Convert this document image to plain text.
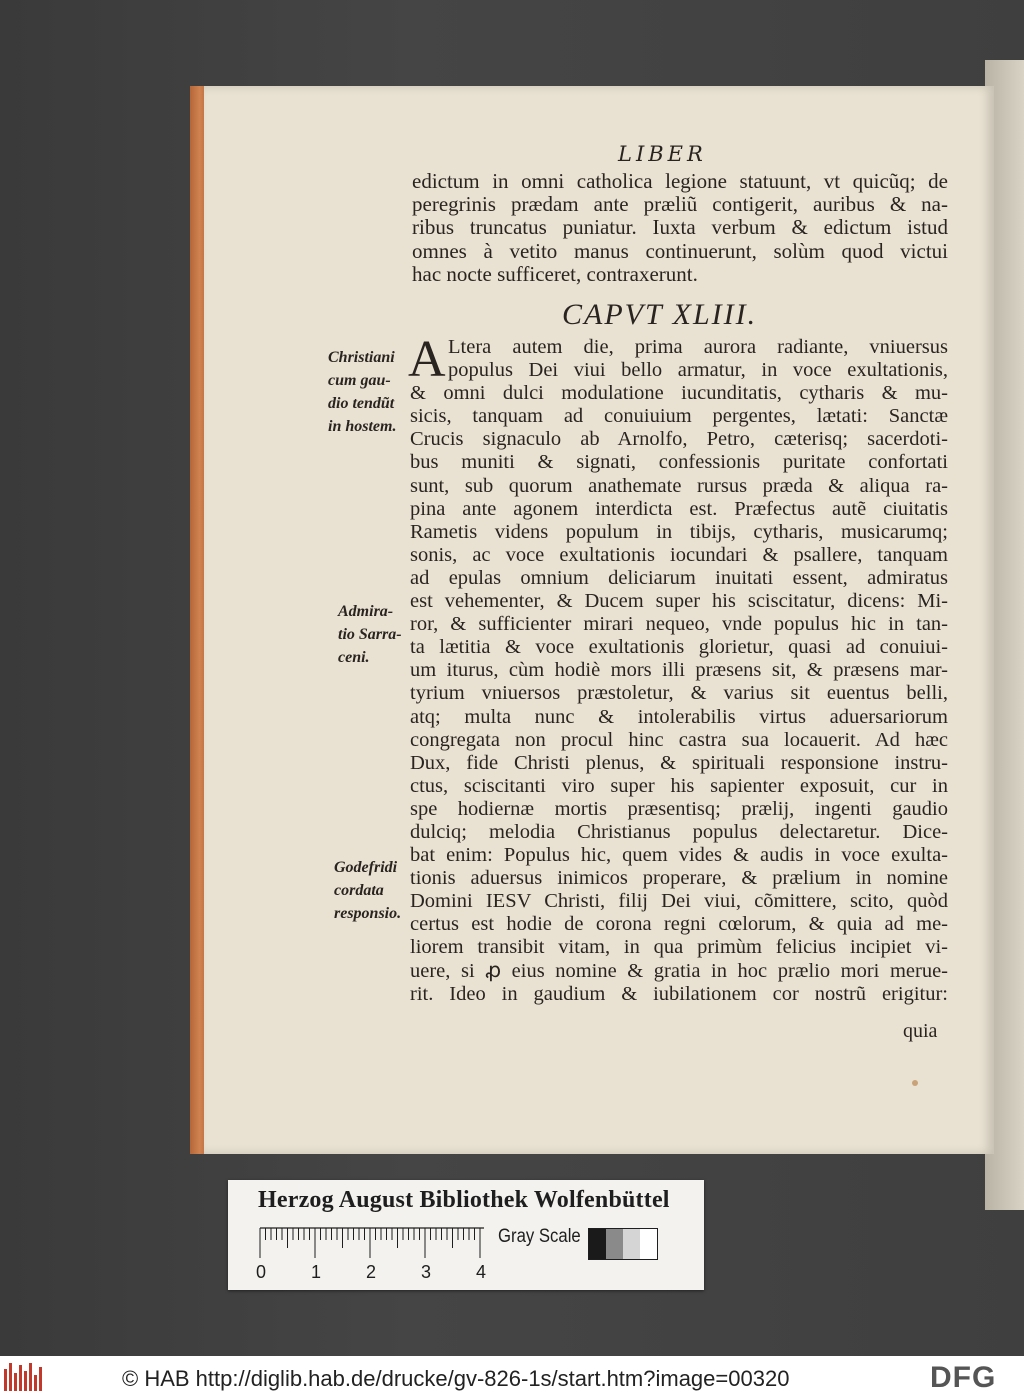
LIBER
edictum in omni catholica legione statuunt, vt quicũq; de
peregrinis prædam ante præliũ contigerit, auribus & na-
ribus truncatus puniatur. Iuxta verbum & edictum istud
omnes à vetito manus continuerunt, solùm quod victui
hac nocte sufficeret, contraxerunt.
CAPVT XLIII.
A Ltera autem die, prima aurora radiante, vniuersus
populus Dei viui bello armatur, in voce exultationis,
& omni dulci modulatione iucunditatis, cytharis & mu-
sicis, tanquam ad conuiuium pergentes, lætati: Sanctæ
Crucis signaculo ab Arnolfo, Petro, cæterisq; sacerdoti-
bus muniti & signati, confessionis puritate confortati
sunt, sub quorum anathemate rursus præda & aliqua ra-
pina ante agonem interdicta est. Præfectus autẽ ciuitatis
Rametis videns populum in tibijs, cytharis, musicarumq;
sonis, ac voce exultationis iocundari & psallere, tanquam
ad epulas omnium deliciarum inuitati essent, admiratus
est vehementer, & Ducem super his sciscitatur, dicens: Mi-
ror, & sufficienter mirari nequeo, vnde populus hic in tan-
ta lætitia & voce exultationis glorietur, quasi ad conuiui-
um iturus, cùm hodiè mors illi præsens sit, & præsens mar-
tyrium vniuersos præstoletur, & varius sit euentus belli,
atq; multa nunc & intolerabilis virtus aduersariorum
congregata non procul hinc castra sua locauerit. Ad hæc
Dux, fide Christi plenus, & spirituali responsione instru-
ctus, sciscitanti viro super his sapienter exposuit, cur in
spe hodiernæ mortis præsentisq; prælij, ingenti gaudio
dulciq; melodia Christianus populus delectaretur. Dice-
bat enim: Populus hic, quem vides & audis in voce exulta-
tionis aduersus inimicos properare, & prælium in nomine
Domini IESV Christi, filij Dei viui, cõmittere, scito, quòd
certus est hodie de corona regni cœlorum, & quia ad me-
liorem transibit vitam, in qua primùm felicius incipiet vi-
uere, si ꝓ eius nomine & gratia in hoc prælio mori merue-
rit. Ideo in gaudium & iubilationem cor nostrũ erigitur:
quia
Christiani
cum gau-
dio tendũt
in hostem.
Admira-
tio Sarra-
ceni.
Godefridi
cordata
responsio.
Herzog August Bibliothek Wolfenbüttel
0 1 2 3 4
Gray Scale
© HAB http://diglib.hab.de/drucke/gv-826-1s/start.htm?image=00320	DFG
